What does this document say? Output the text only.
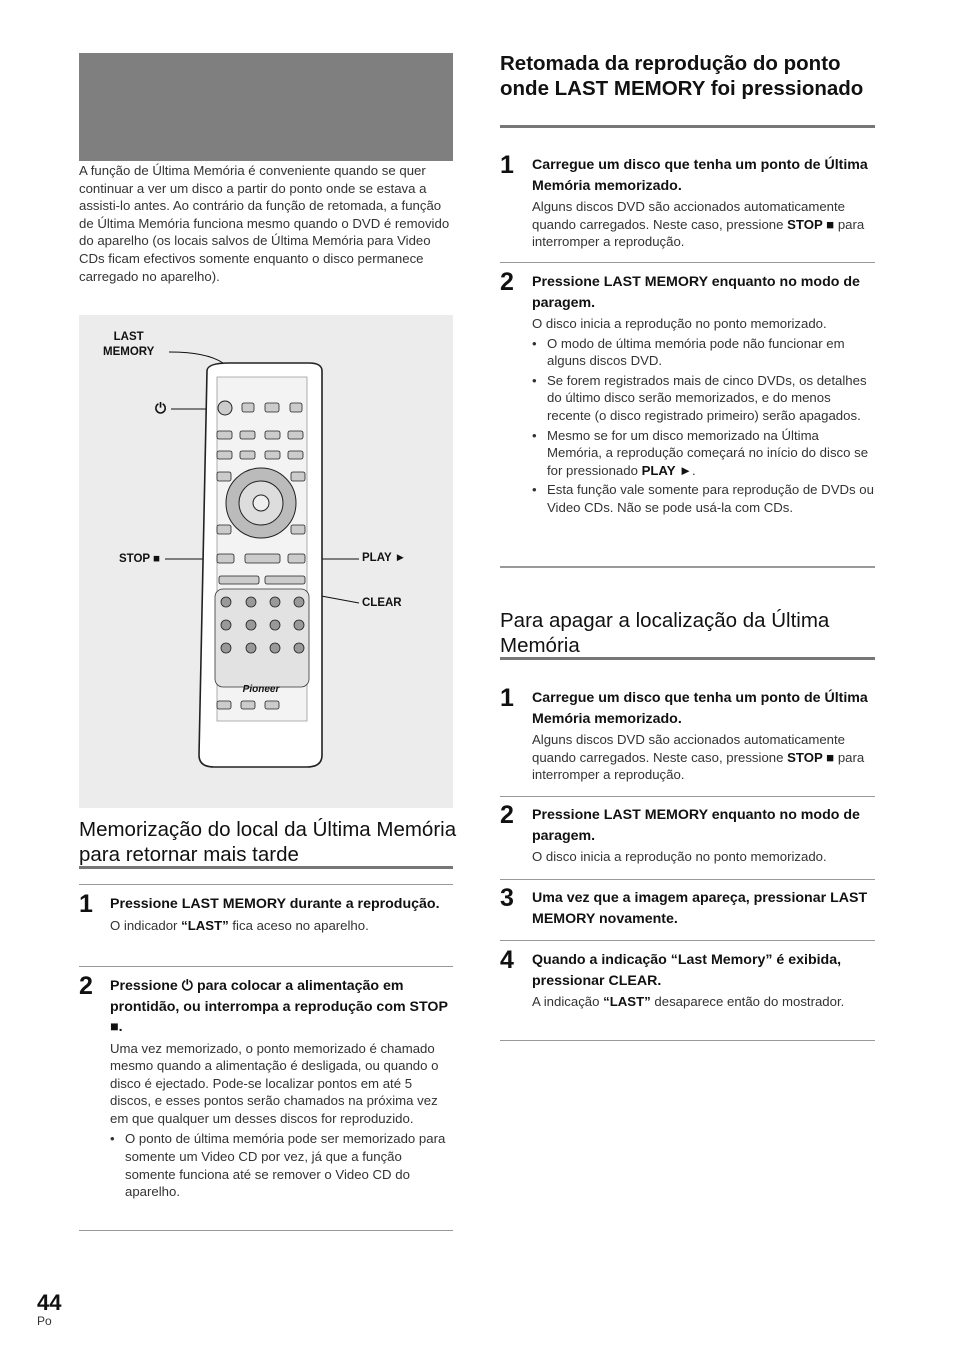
A função de Última Memória é conveniente quando se quer continuar a ver um disco a partir do ponto onde se estava a assisti-lo antes. Ao contrário da função de retomada, a função de Última Memória funciona mesmo quando o DVD é removido do aparelho (os locais salvos de Última Memória para Video CDs ficam efectivos somente enquanto o disco permanece carregado no aparelho).
LAST
MEMORY
⏻
STOP ■	PLAY ►
CLEAR
Pioneer
Memorização do local da Última Memória para retornar mais tarde
1 Pressione LAST MEMORY durante a reprodução.
O indicador “LAST” fica aceso no aparelho.
2 Pressione ⏻ para colocar a alimentação em prontidão, ou interrompa a reprodução com STOP ■.
Uma vez memorizado, o ponto memorizado é chamado mesmo quando a alimentação é desligada, ou quando o disco é ejectado. Pode-se localizar pontos em até 5 discos, e esses pontos serão chamados na próxima vez em que qualquer um desses discos for reproduzido.
• O ponto de última memória pode ser memorizado para somente um Video CD por vez, já que a função somente funciona até se remover o Video CD do aparelho.
Retomada da reprodução do ponto onde LAST MEMORY foi pressionado
1 Carregue um disco que tenha um ponto de Última Memória memorizado.
Alguns discos DVD são accionados automaticamente quando carregados. Neste caso, pressione STOP ■ para interromper a reprodução.
2 Pressione LAST MEMORY enquanto no modo de paragem.
O disco inicia a reprodução no ponto memorizado.
• O modo de última memória pode não funcionar em alguns discos DVD.
• Se forem registrados mais de cinco DVDs, os detalhes do último disco serão memorizados, e do menos recente (o disco registrado primeiro) serão apagados.
• Mesmo se for um disco memorizado na Última Memória, a reprodução começará no início do disco se for pressionado PLAY ►.
• Esta função vale somente para reprodução de DVDs ou Video CDs. Não se pode usá-la com CDs.
Para apagar a localização da Última Memória
1 Carregue um disco que tenha um ponto de Última Memória memorizado.
Alguns discos DVD são accionados automaticamente quando carregados. Neste caso, pressione STOP ■ para interromper a reprodução.
2 Pressione LAST MEMORY enquanto no modo de paragem.
O disco inicia a reprodução no ponto memorizado.
3 Uma vez que a imagem apareça, pressionar LAST MEMORY novamente.
4 Quando a indicação “Last Memory” é exibida, pressionar CLEAR.
A indicação “LAST” desaparece então do mostrador.
44
Po
